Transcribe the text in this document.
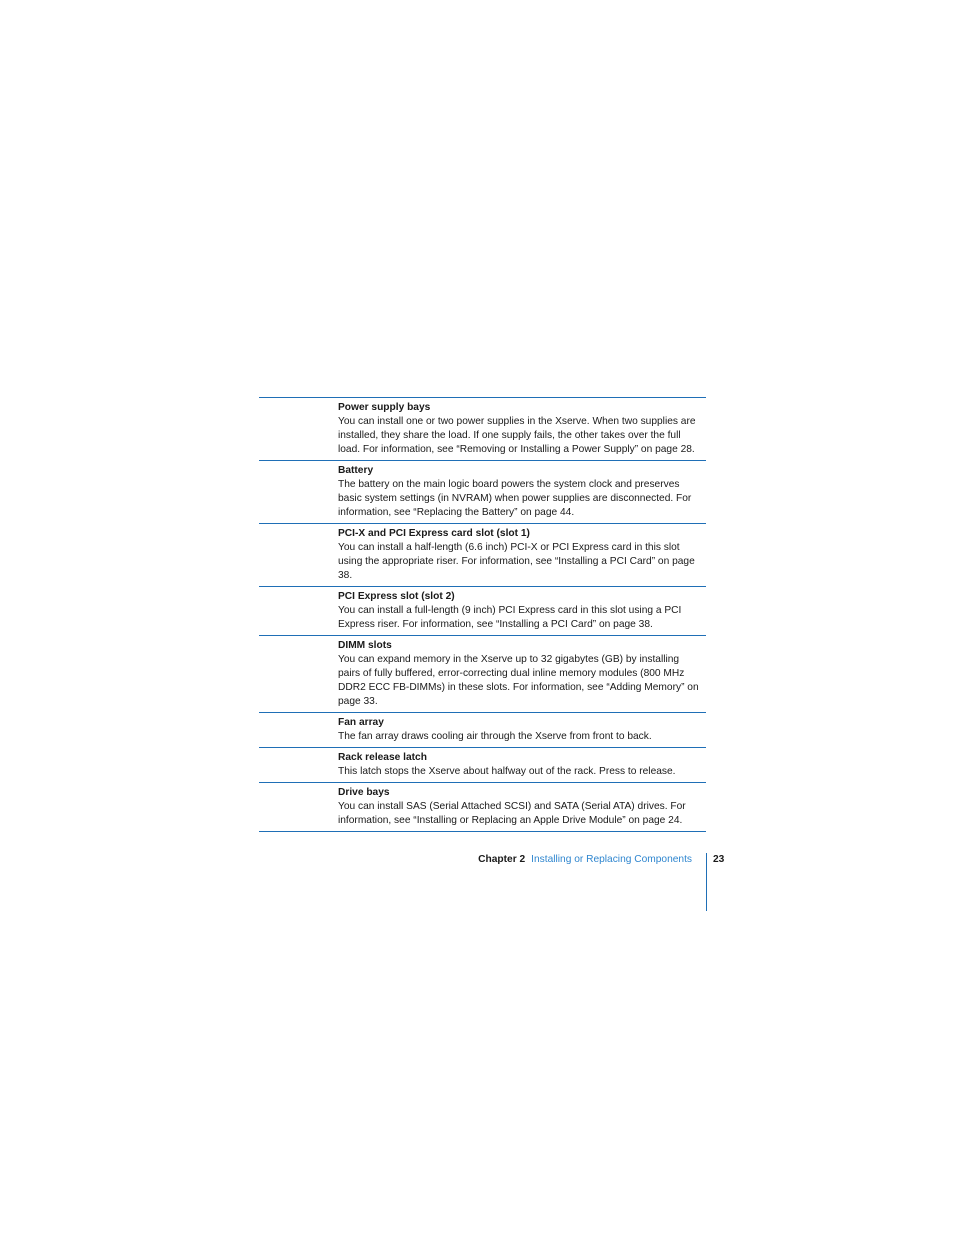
Power supply bays
You can install one or two power supplies in the Xserve. When two supplies are installed, they share the load. If one supply fails, the other takes over the full load. For information, see “Removing or Installing a Power Supply” on page 28.
Battery
The battery on the main logic board powers the system clock and preserves basic system settings (in NVRAM) when power supplies are disconnected. For information, see “Replacing the Battery” on page 44.
PCI-X and PCI Express card slot (slot 1)
You can install a half-length (6.6 inch) PCI-X or PCI Express card in this slot using the appropriate riser. For information, see “Installing a PCI Card” on page 38.
PCI Express slot (slot 2)
You can install a full-length (9 inch) PCI Express card in this slot using a PCI Express riser. For information, see “Installing a PCI Card” on page 38.
DIMM slots
You can expand memory in the Xserve up to 32 gigabytes (GB) by installing pairs of fully buffered, error-correcting dual inline memory modules (800 MHz DDR2 ECC FB-DIMMs) in these slots. For information, see “Adding Memory” on page 33.
Fan array
The fan array draws cooling air through the Xserve from front to back.
Rack release latch
This latch stops the Xserve about halfway out of the rack. Press to release.
Drive bays
You can install SAS (Serial Attached SCSI) and SATA (Serial ATA) drives. For information, see “Installing or Replacing an Apple Drive Module” on page 24.
Chapter 2 Installing or Replacing Components 23
